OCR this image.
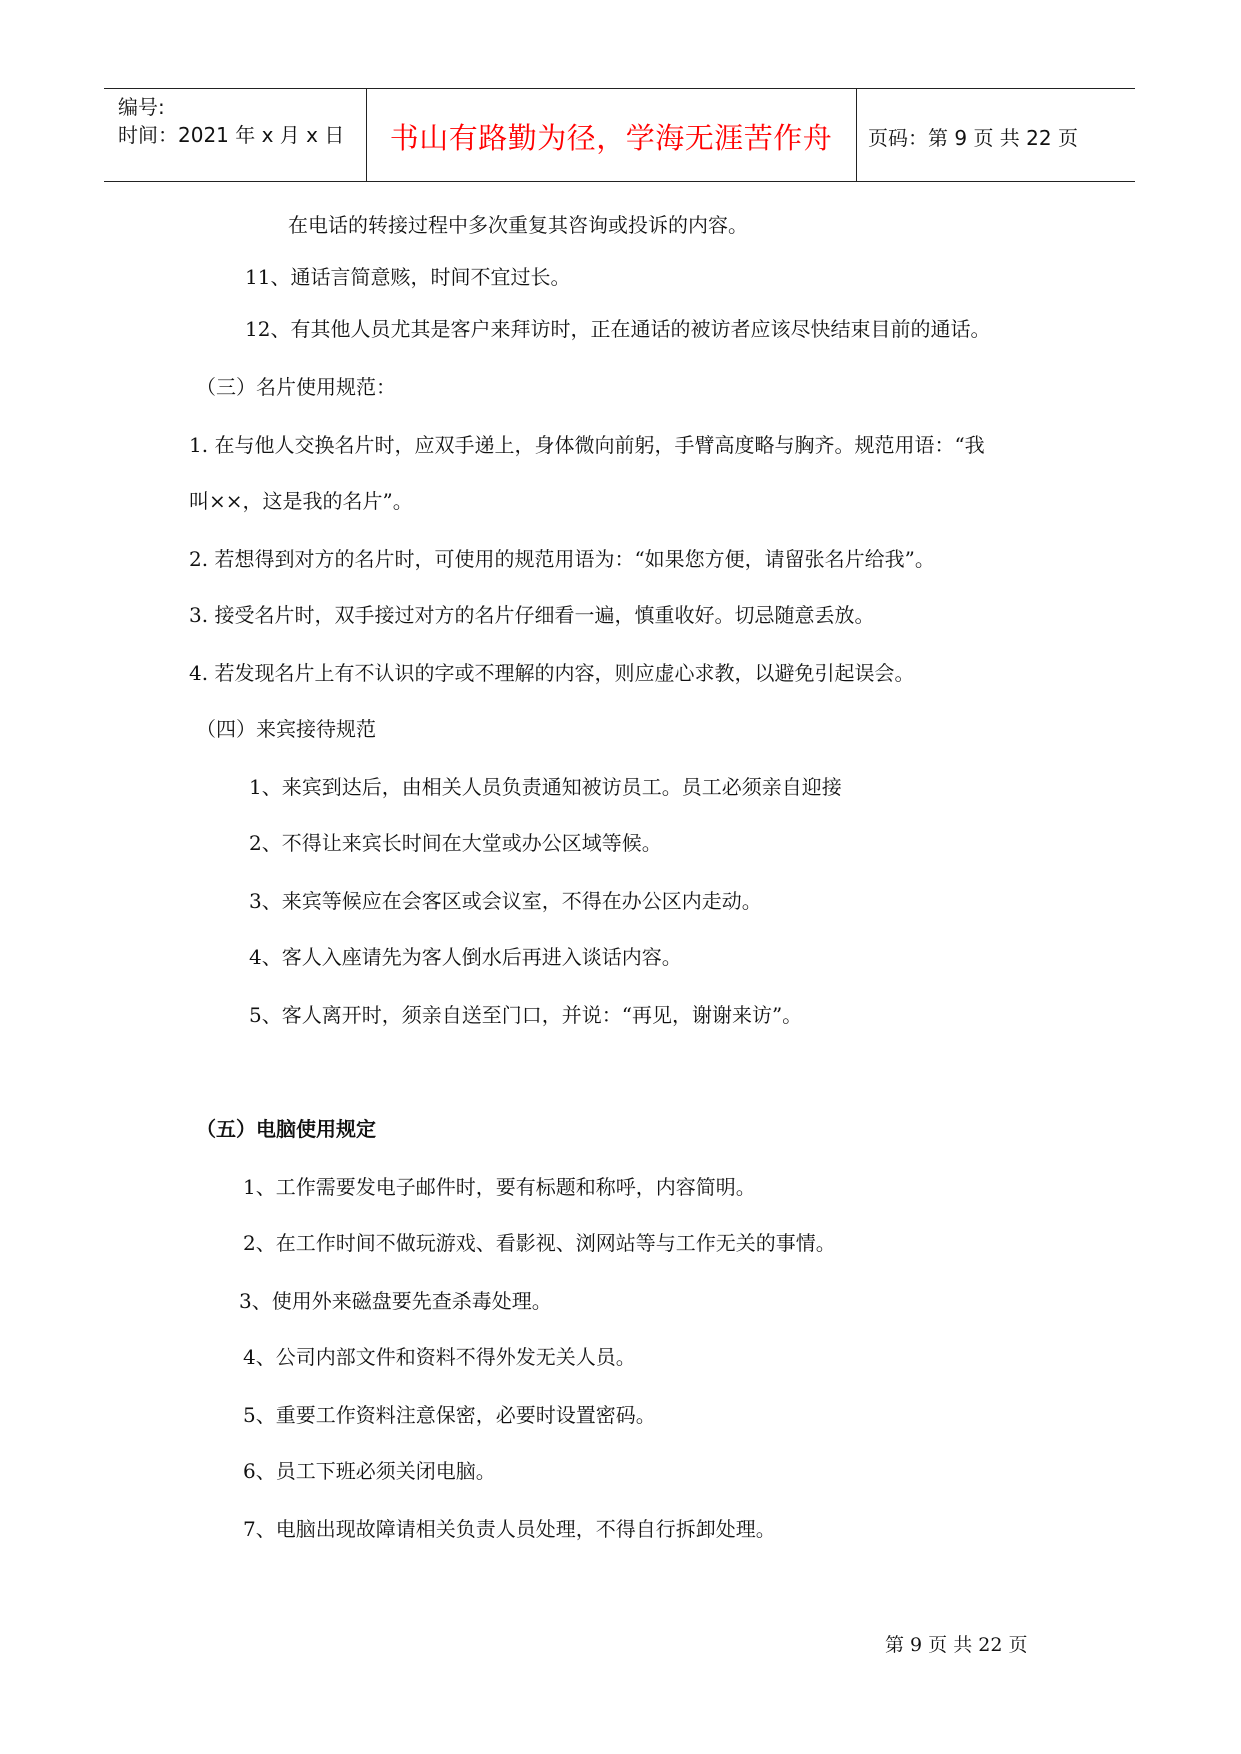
编号:
时间：2021 年 x 月 x 日	书山有路勤为径，学海无涯苦作舟	页码：第 9 页 共 22 页
在电话的转接过程中多次重复其咨询或投诉的内容。
11、通话言简意赅，时间不宜过长。
12、有其他人员尤其是客户来拜访时，正在通话的被访者应该尽快结束目前的通话。
（三）名片使用规范：
1. 在与他人交换名片时，应双手递上，身体微向前躬，手臂高度略与胸齐。规范用语：“我
叫××，这是我的名片”。
2. 若想得到对方的名片时，可使用的规范用语为：“如果您方便，请留张名片给我”。
3. 接受名片时，双手接过对方的名片仔细看一遍，慎重收好。切忌随意丢放。
4. 若发现名片上有不认识的字或不理解的内容，则应虚心求教，以避免引起误会。
（四）来宾接待规范
1、来宾到达后，由相关人员负责通知被访员工。员工必须亲自迎接
2、不得让来宾长时间在大堂或办公区域等候。
3、来宾等候应在会客区或会议室，不得在办公区内走动。
4、客人入座请先为客人倒水后再进入谈话内容。
5、客人离开时，须亲自送至门口，并说：“再见，谢谢来访”。
（五）电脑使用规定
1、工作需要发电子邮件时，要有标题和称呼，内容简明。
2、在工作时间不做玩游戏、看影视、浏网站等与工作无关的事情。
3、使用外来磁盘要先查杀毒处理。
4、公司内部文件和资料不得外发无关人员。
5、重要工作资料注意保密，必要时设置密码。
6、员工下班必须关闭电脑。
7、电脑出现故障请相关负责人员处理，不得自行拆卸处理。
第 9 页 共 22 页
